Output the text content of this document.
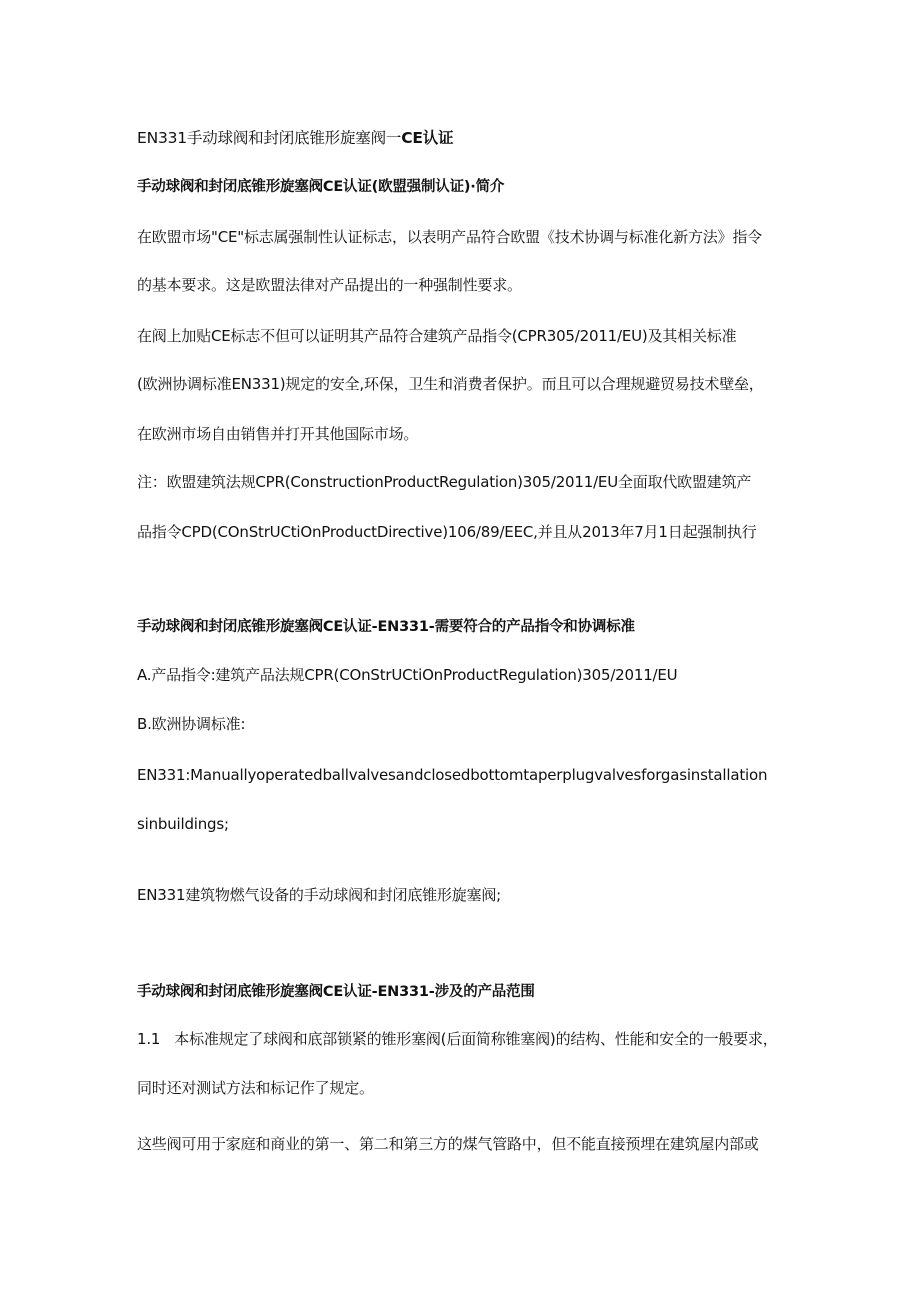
EN331手动球阀和封闭底锥形旋塞阀一CE认证
手动球阀和封闭底锥形旋塞阀CE认证(欧盟强制认证)·简介
在欧盟市场"CE"标志属强制性认证标志，以表明产品符合欧盟《技术协调与标准化新方法》指令
的基本要求。这是欧盟法律对产品提出的一种强制性要求。
在阀上加贴CE标志不但可以证明其产品符合建筑产品指令(CPR305/2011/EU)及其相关标准
(欧洲协调标准EN331)规定的安全,环保，卫生和消费者保护。而且可以合理规避贸易技术壁垒，
在欧洲市场自由销售并打开其他国际市场。
注：欧盟建筑法规CPR(ConstructionProductRegulation)305/2011/EU全面取代欧盟建筑产
品指令CPD(COnStrUCtiOnProductDirective)106/89/EEC,并且从2013年7月1日起强制执行
手动球阀和封闭底锥形旋塞阀CE认证-EN331-需要符合的产品指令和协调标准
A.产品指令:建筑产品法规CPR(COnStrUCtiOnProductRegulation)305/2011/EU
B.欧洲协调标准:
EN331:Manuallyoperatedballvalvesandclosedbottomtaperplugvalvesforgasinstallation
sinbuildings;
EN331建筑物燃气设备的手动球阀和封闭底锥形旋塞阀;
手动球阀和封闭底锥形旋塞阀CE认证-EN331-涉及的产品范围
1.1 本标准规定了球阀和底部锁紧的锥形塞阀(后面简称锥塞阀)的结构、性能和安全的一般要求，
同时还对测试方法和标记作了规定。
这些阀可用于家庭和商业的第一、第二和第三方的煤气管路中，但不能直接预埋在建筑屋内部或
